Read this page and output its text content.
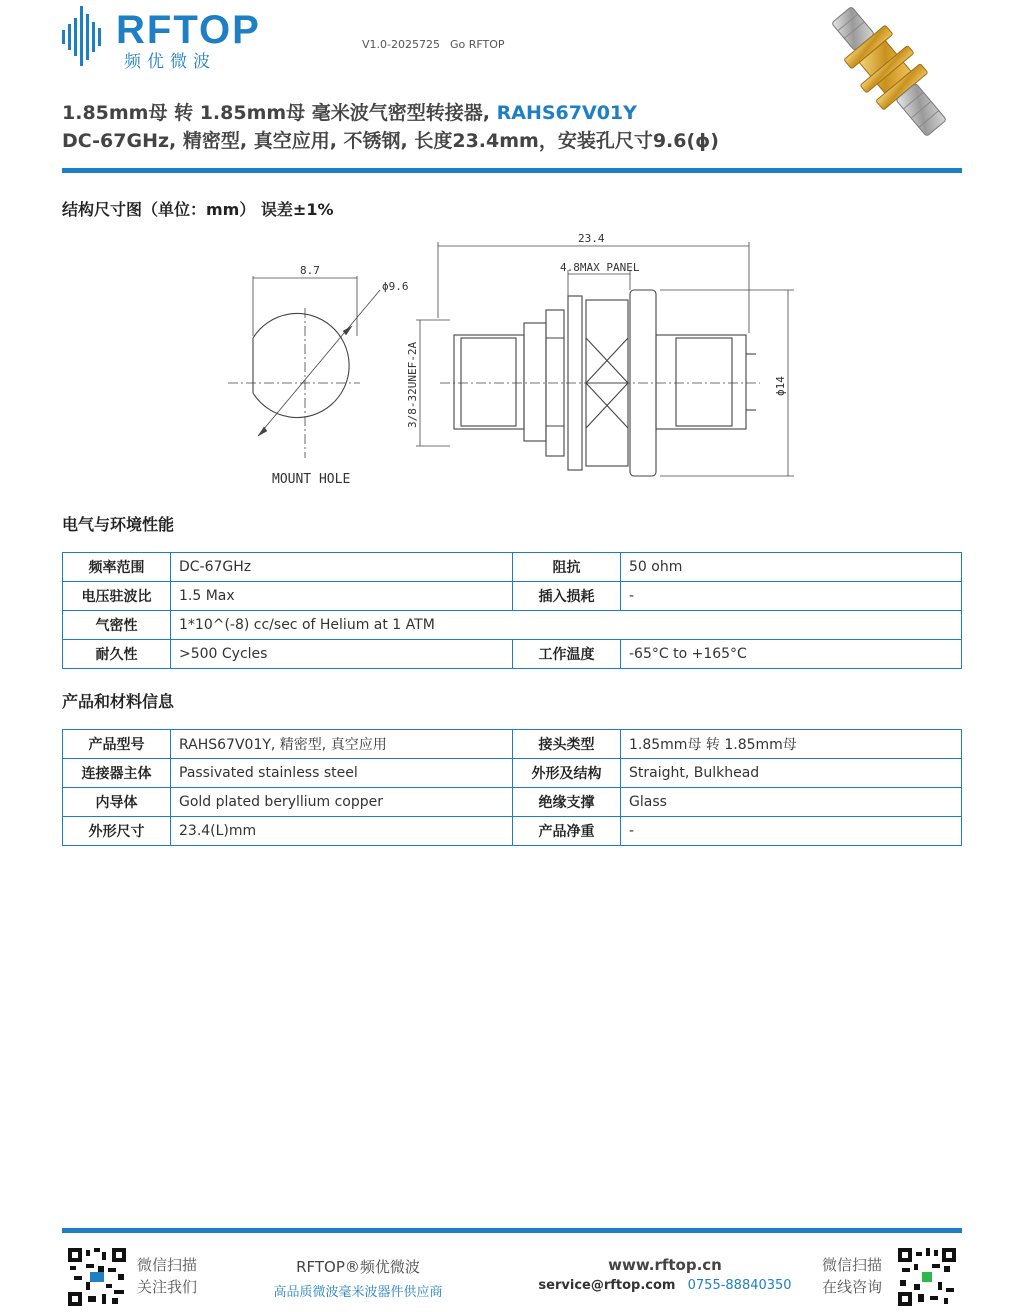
RFTOP
频优微波
V1.0-2025725 Go RFTOP
1.85mm母 转 1.85mm母 毫米波气密型转接器, RAHS67V01Y
DC-67GHz, 精密型, 真空应用, 不锈钢, 长度23.4mm，安装孔尺寸9.6(ϕ)
结构尺寸图（单位：mm） 误差±1%
8.7
ϕ9.6
MOUNT HOLE
23.4
4.8MAX PANEL
3/8-32UNEF-2A	ϕ14
电气与环境性能
频率范围	DC-67GHz	阻抗	50 ohm
电压驻波比	1.5 Max	插入损耗	-
气密性	1*10^(-8) cc/sec of Helium at 1 ATM		
耐久性	>500 Cycles	工作温度	-65°C to +165°C
产品和材料信息
产品型号	RAHS67V01Y, 精密型, 真空应用	接头类型	1.85mm母 转 1.85mm母
连接器主体	Passivated stainless steel	外形及结构	Straight, Bulkhead
内导体	Gold plated beryllium copper	绝缘支撑	Glass
外形尺寸	23.4(L)mm	产品净重	-
微信扫描
关注我们
RFTOP®频优微波
高品质微波毫米波器件供应商
www.rftop.cn
service@rftop.com 0755-88840350
微信扫描
在线咨询
